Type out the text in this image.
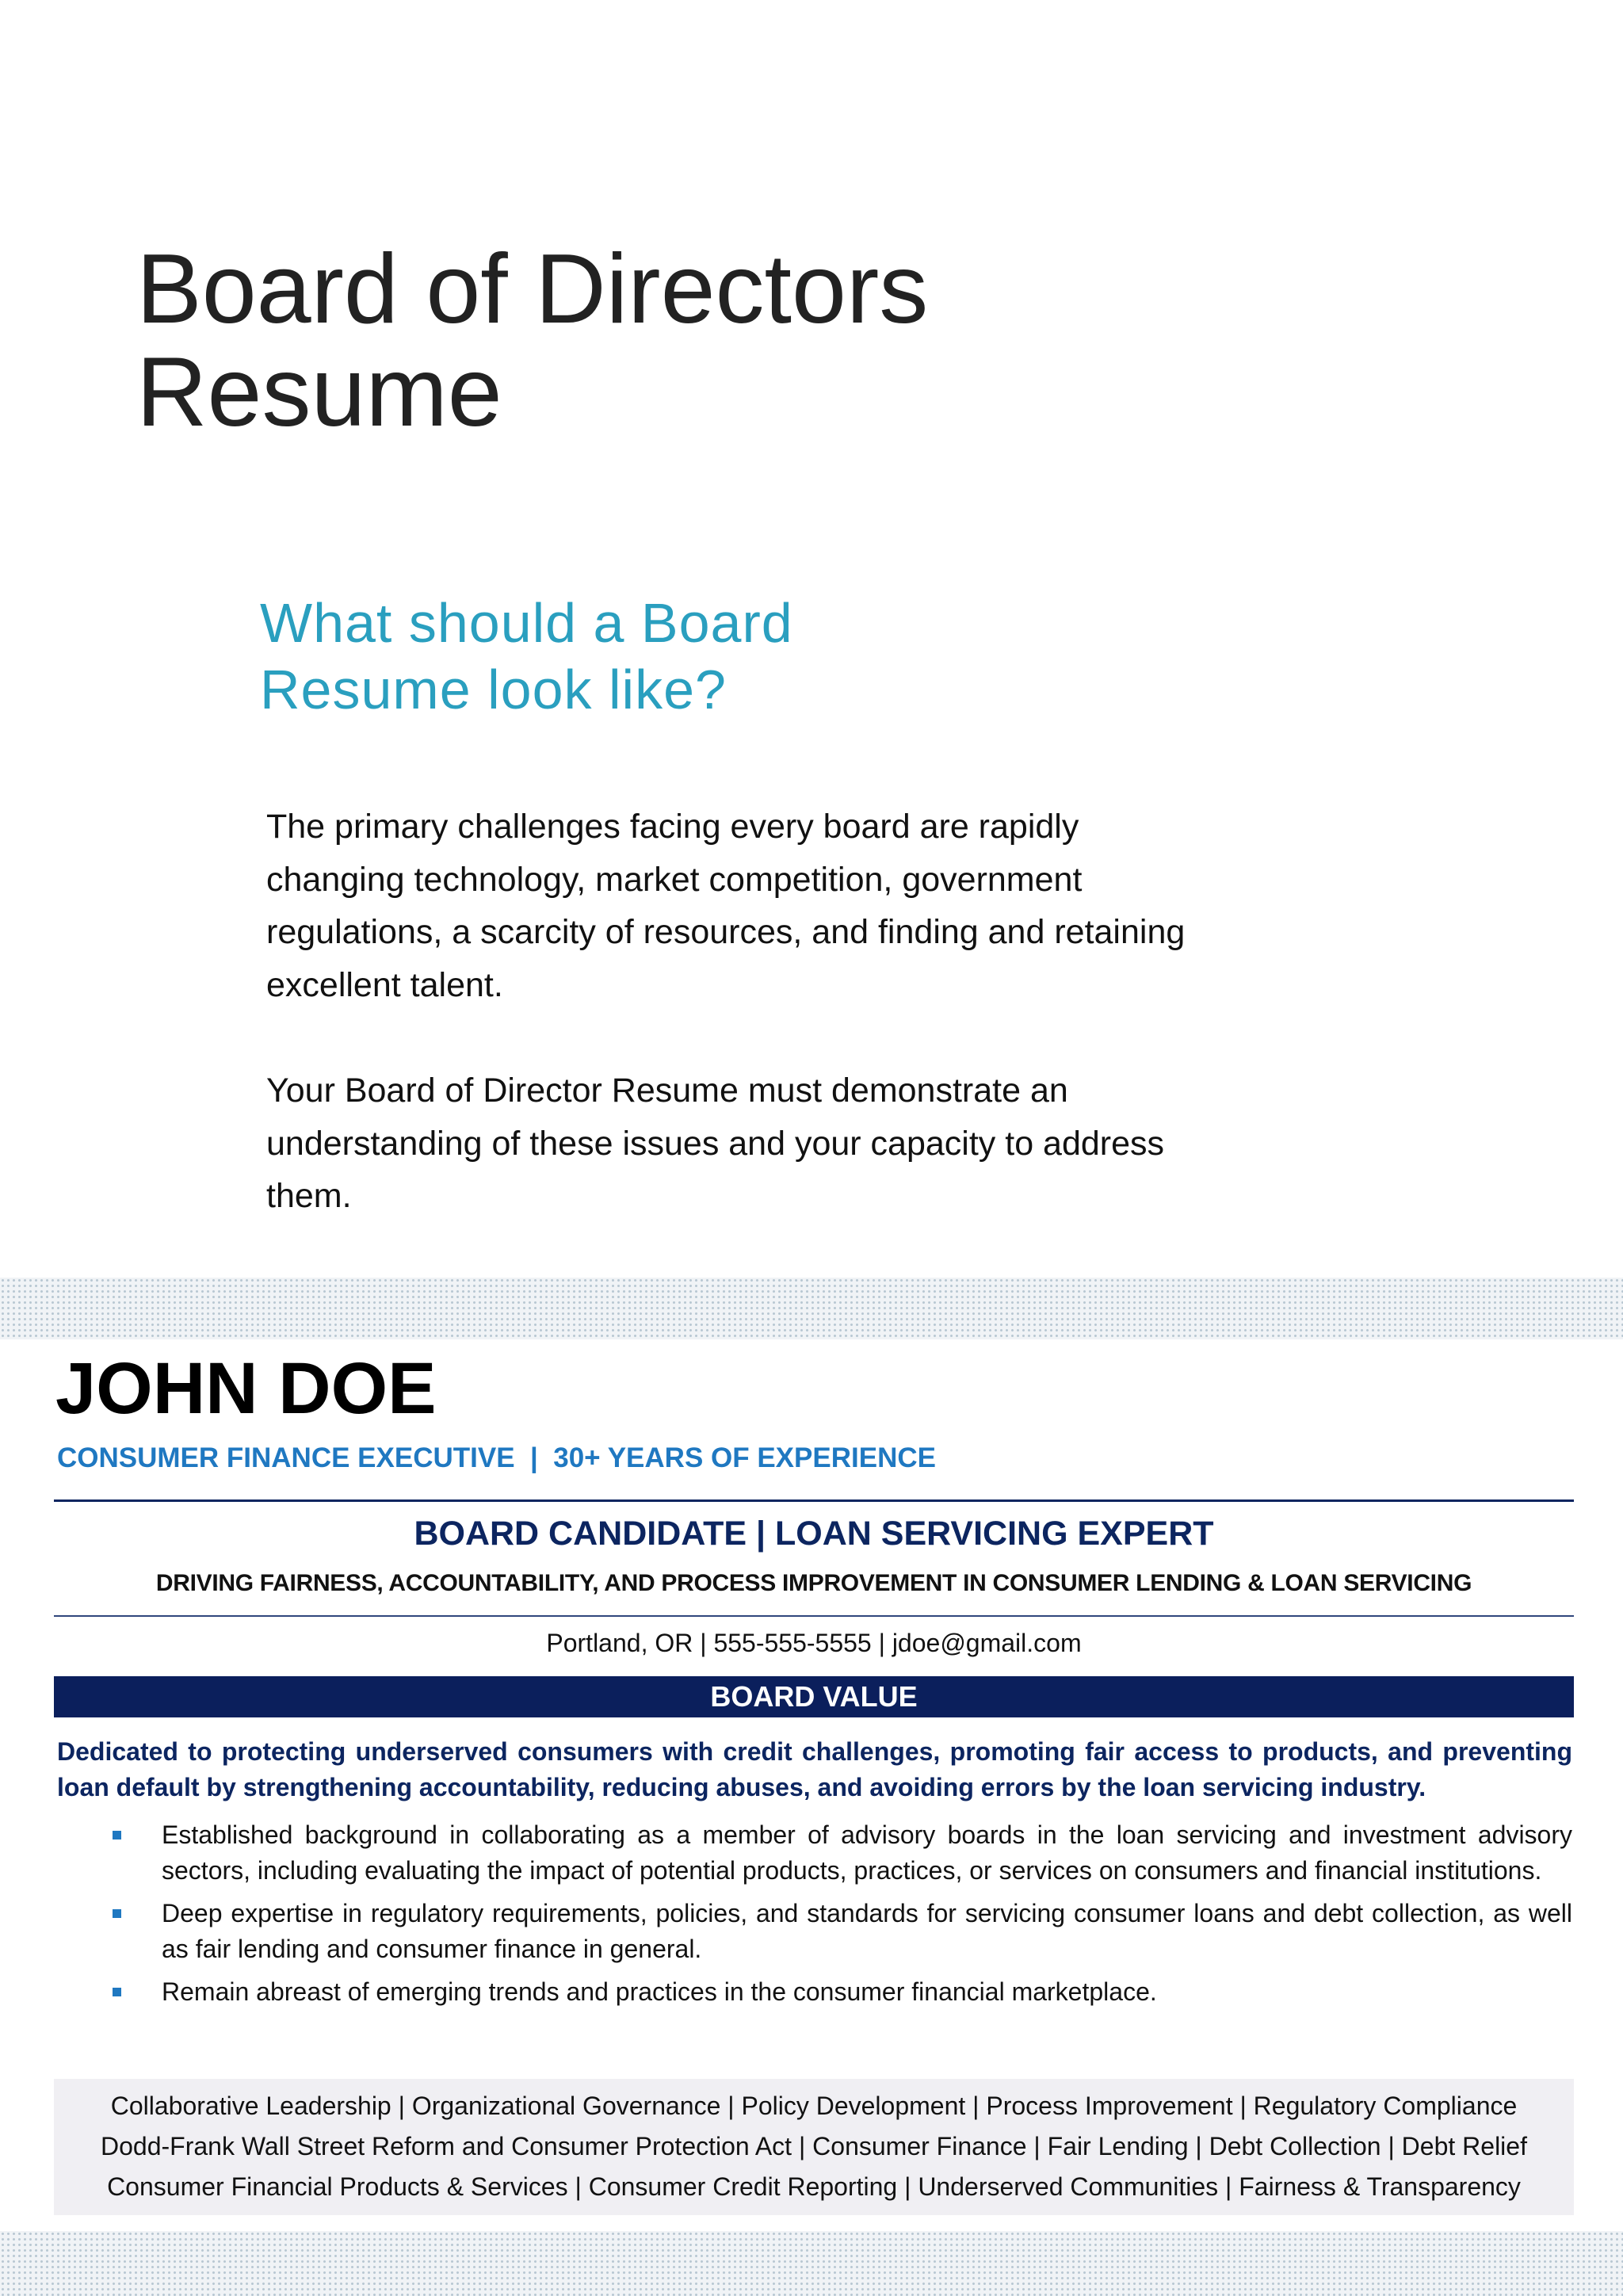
Board of Directors
Resume
What should a Board
Resume look like?

The primary challenges facing every board are rapidly changing technology, market competition, government regulations, a scarcity of resources, and finding and retaining excellent talent.

Your Board of Director Resume must demonstrate an understanding of these issues and your capacity to address them.

JOHN DOE
CONSUMER FINANCE EXECUTIVE  |  30+ YEARS OF EXPERIENCE
BOARD CANDIDATE | LOAN SERVICING EXPERT
DRIVING FAIRNESS, ACCOUNTABILITY, AND PROCESS IMPROVEMENT IN CONSUMER LENDING & LOAN SERVICING
Portland, OR | 555-555-5555 | jdoe@gmail.com
BOARD VALUE

Dedicated to protecting underserved consumers with credit challenges, promoting fair access to products, and preventing loan default by strengthening accountability, reducing abuses, and avoiding errors by the loan servicing industry.

Established background in collaborating as a member of advisory boards in the loan servicing and investment advisory sectors, including evaluating the impact of potential products, practices, or services on consumers and financial institutions.
Deep expertise in regulatory requirements, policies, and standards for servicing consumer loans and debt collection, as well as fair lending and consumer finance in general.
Remain abreast of emerging trends and practices in the consumer financial marketplace.
Collaborative Leadership | Organizational Governance | Policy Development | Process Improvement | Regulatory Compliance
Dodd-Frank Wall Street Reform and Consumer Protection Act | Consumer Finance | Fair Lending | Debt Collection | Debt Relief
Consumer Financial Products & Services | Consumer Credit Reporting | Underserved Communities | Fairness & Transparency
